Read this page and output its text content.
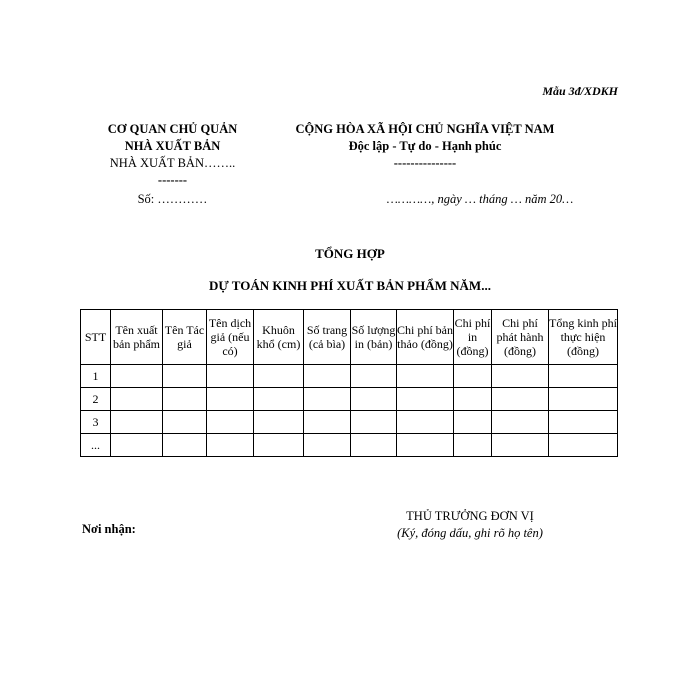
Mẫu 3đ/XDKH
CƠ QUAN CHỦ QUẢN
NHÀ XUẤT BẢN
NHÀ XUẤT BẢN……..
-------
CỘNG HÒA XÃ HỘI CHỦ NGHĨA VIỆT NAM
Độc lập - Tự do - Hạnh phúc
---------------
Số: …………	…………, ngày … tháng … năm 20…
TỔNG HỢP
DỰ TOÁN KINH PHÍ XUẤT BẢN PHẨM NĂM...
STT	Tên xuất bản phẩm	Tên Tác giả	Tên dịch giả (nếu có)	Khuôn khổ (cm)	Số trang (cả bìa)	Số lượng in (bản)	Chi phí bản thảo (đồng)	Chi phí in (đồng)	Chi phí phát hành (đồng)	Tổng kinh phí thực hiện (đồng)
1										
2										
3										
...										
THỦ TRƯỞNG ĐƠN VỊ
(Ký, đóng dấu, ghi rõ họ tên)
Nơi nhận:
